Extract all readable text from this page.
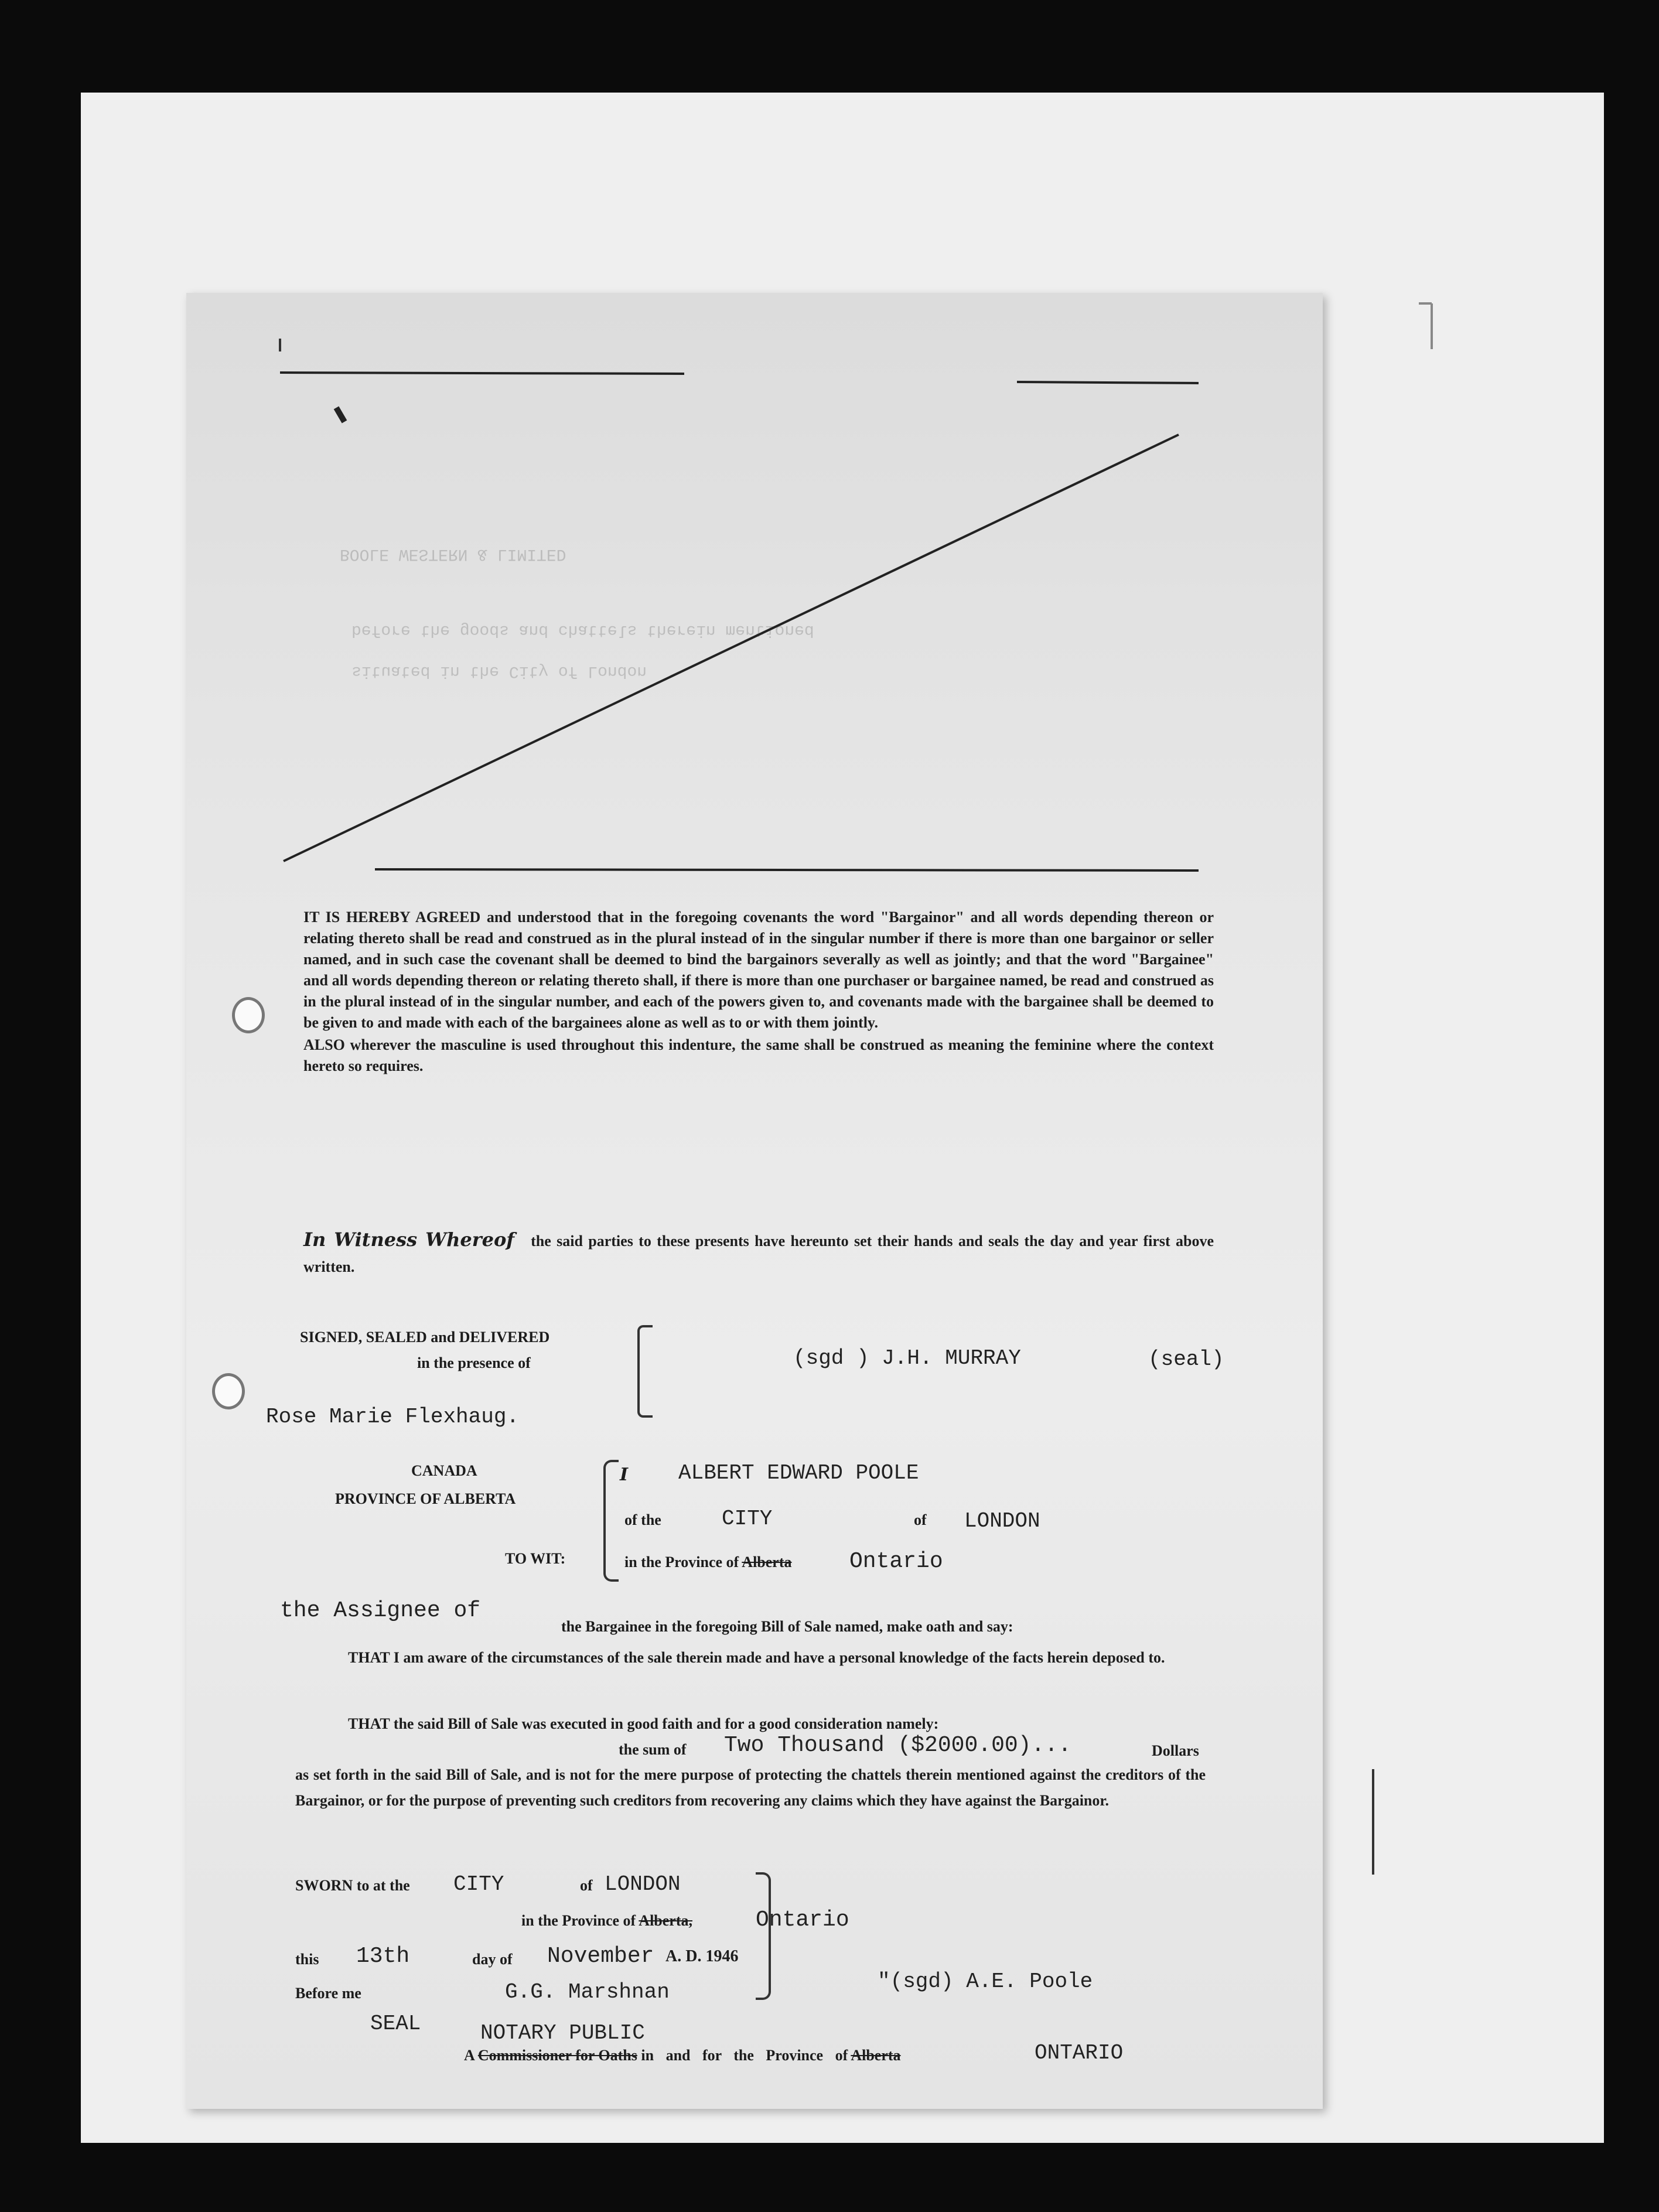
BOOLE WESTERN & LIMITED
before the goods and chattels therein mentioned
situated in the City of London

IT IS HEREBY AGREED and understood that in the foregoing covenants the word "Bargainor" and all words depending thereon or relating thereto shall be read and construed as in the plural instead of in the singular number if there is more than one bargainor or seller named, and in such case the covenant shall be deemed to bind the bargainors severally as well as jointly; and that the word "Bargainee" and all words depending thereon or relating thereto shall, if there is more than one purchaser or bargainee named, be read and construed as in the plural instead of in the singular number, and each of the powers given to, and covenants made with the bargainee shall be deemed to be given to and made with each of the bargainees alone as well as to or with them jointly.

ALSO wherever the masculine is used throughout this indenture, the same shall be construed as meaning the feminine where the context hereto so requires.

In Witness Whereof the said parties to these presents have hereunto set their hands and seals the day and year first above written.
SIGNED, SEALED and DELIVERED
in the presence of	(sgd ) J.H. MURRAY	(seal)
Rose Marie Flexhaug.
CANADA
PROVINCE OF ALBERTA
TO WIT:
I ALBERT EDWARD POOLE
of the	CITY	of LONDON
in the Province of Alberta	Ontario
the Assignee of
the Bargainee in the foregoing Bill of Sale named, make oath and say:
THAT I am aware of the circumstances of the sale therein made and have a personal knowledge of the facts herein deposed to.
THAT the said Bill of Sale was executed in good faith and for a good consideration namely:
the sum of Two Thousand ($2000.00)...	Dollars
as set forth in the said Bill of Sale, and is not for the mere purpose of protecting the chattels therein mentioned against the creditors of the Bargainor, or for the purpose of preventing such creditors from recovering any claims which they have against the Bargainor.
SWORN to at the CITY	of LONDON
in the Province of Alberta,	Ontario
this 13th	day of November A. D. 1946
Before me	G.G. Marshnan	"(sgd) A.E. Poole
SEAL	NOTARY PUBLIC
A Commissioner for Oaths in and for the Province of Alberta	ONTARIO
